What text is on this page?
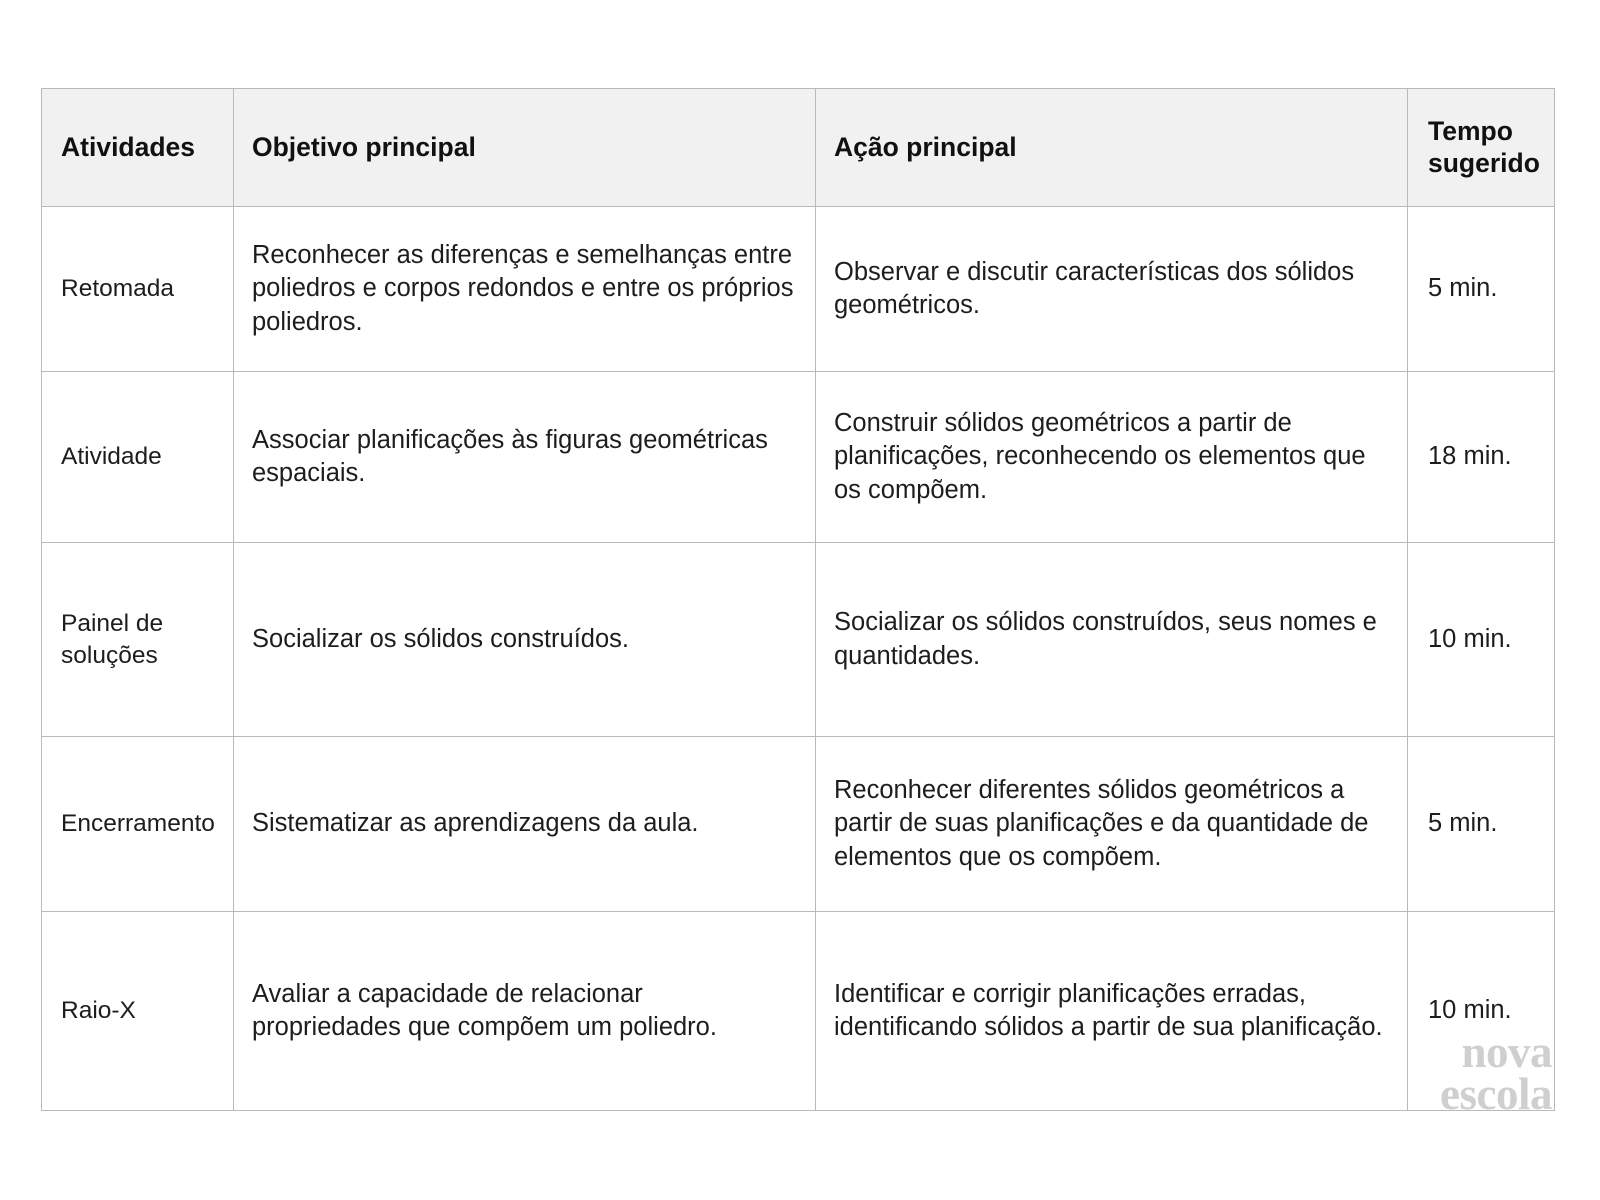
Atividades	Objetivo principal	Ação principal	Tempo sugerido
Retomada	Reconhecer as diferenças e semelhanças entre poliedros e corpos redondos e entre os próprios poliedros.	Observar e discutir características dos sólidos geométricos.	5 min.
Atividade	Associar planificações às figuras geométricas espaciais.	Construir sólidos geométricos a partir de planificações, reconhecendo os elementos que os compõem.	18 min.
Painel de soluções	Socializar os sólidos construídos.	Socializar os sólidos construídos, seus nomes e quantidades.	10 min.
Encerramento	Sistematizar as aprendizagens da aula.	Reconhecer diferentes sólidos geométricos a partir de suas planificações e da quantidade de elementos que os compõem.	5 min.
Raio-X	Avaliar a capacidade de relacionar propriedades que compõem um poliedro.	Identificar e corrigir planificações erradas, identificando sólidos a partir de sua planificação.	10 min.
nova
escola
